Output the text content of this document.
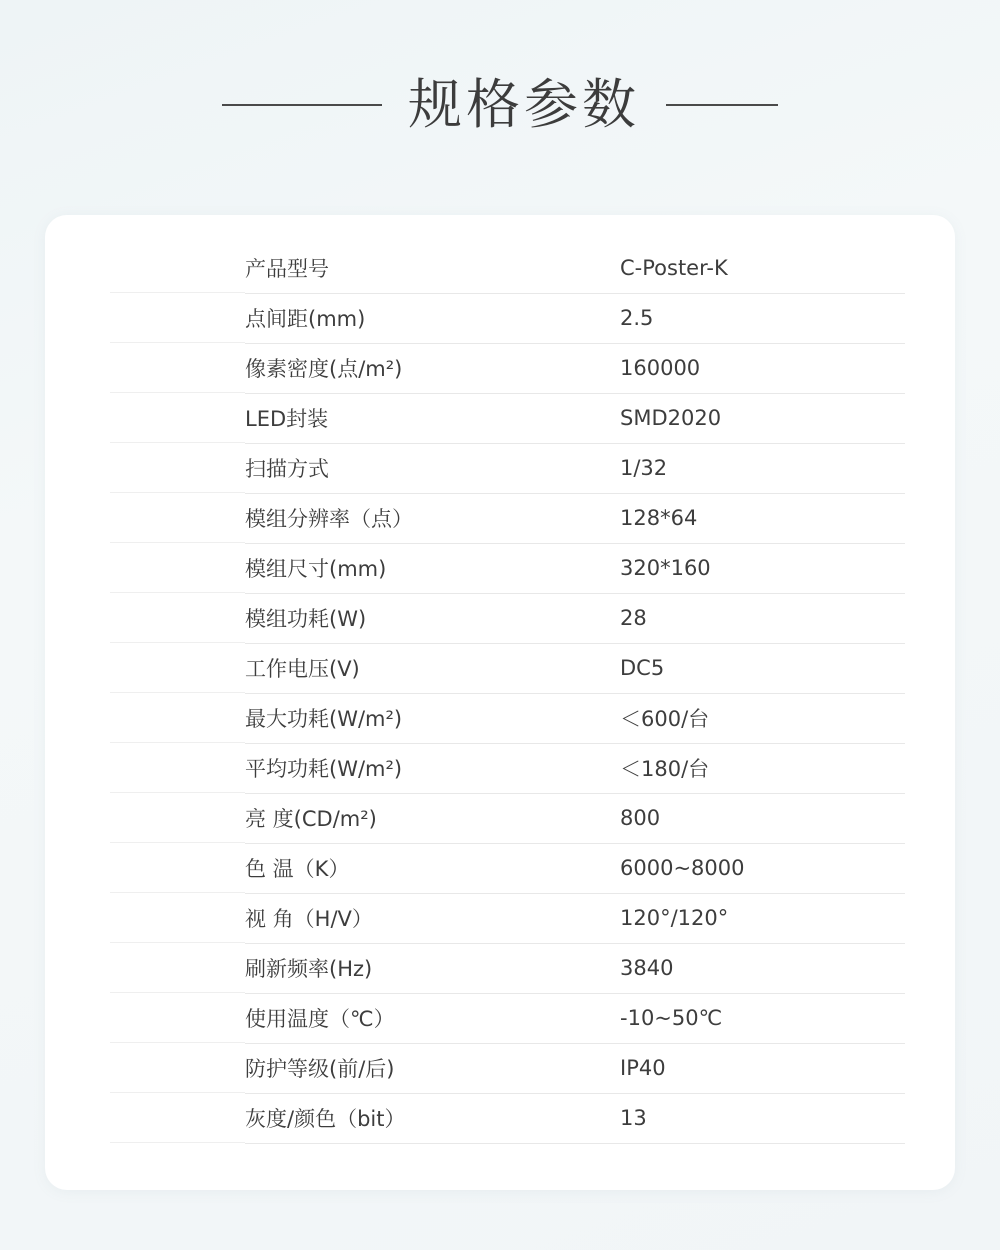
规格参数
产品型号	C-Poster-K
点间距(mm)	2.5
像素密度(点/m²)	160000
LED封装	SMD2020
扫描方式	1/32
模组分辨率（点）	128*64
模组尺寸(mm)	320*160
模组功耗(W)	28
工作电压(V)	DC5
最大功耗(W/m²)	＜600/台
平均功耗(W/m²)	＜180/台
亮 度(CD/m²)	800
色 温（K）	6000~8000
视 角（H/V）	120°/120°
刷新频率(Hz)	3840
使用温度（℃）	-10~50℃
防护等级(前/后)	IP40
灰度/颜色（bit）	13
